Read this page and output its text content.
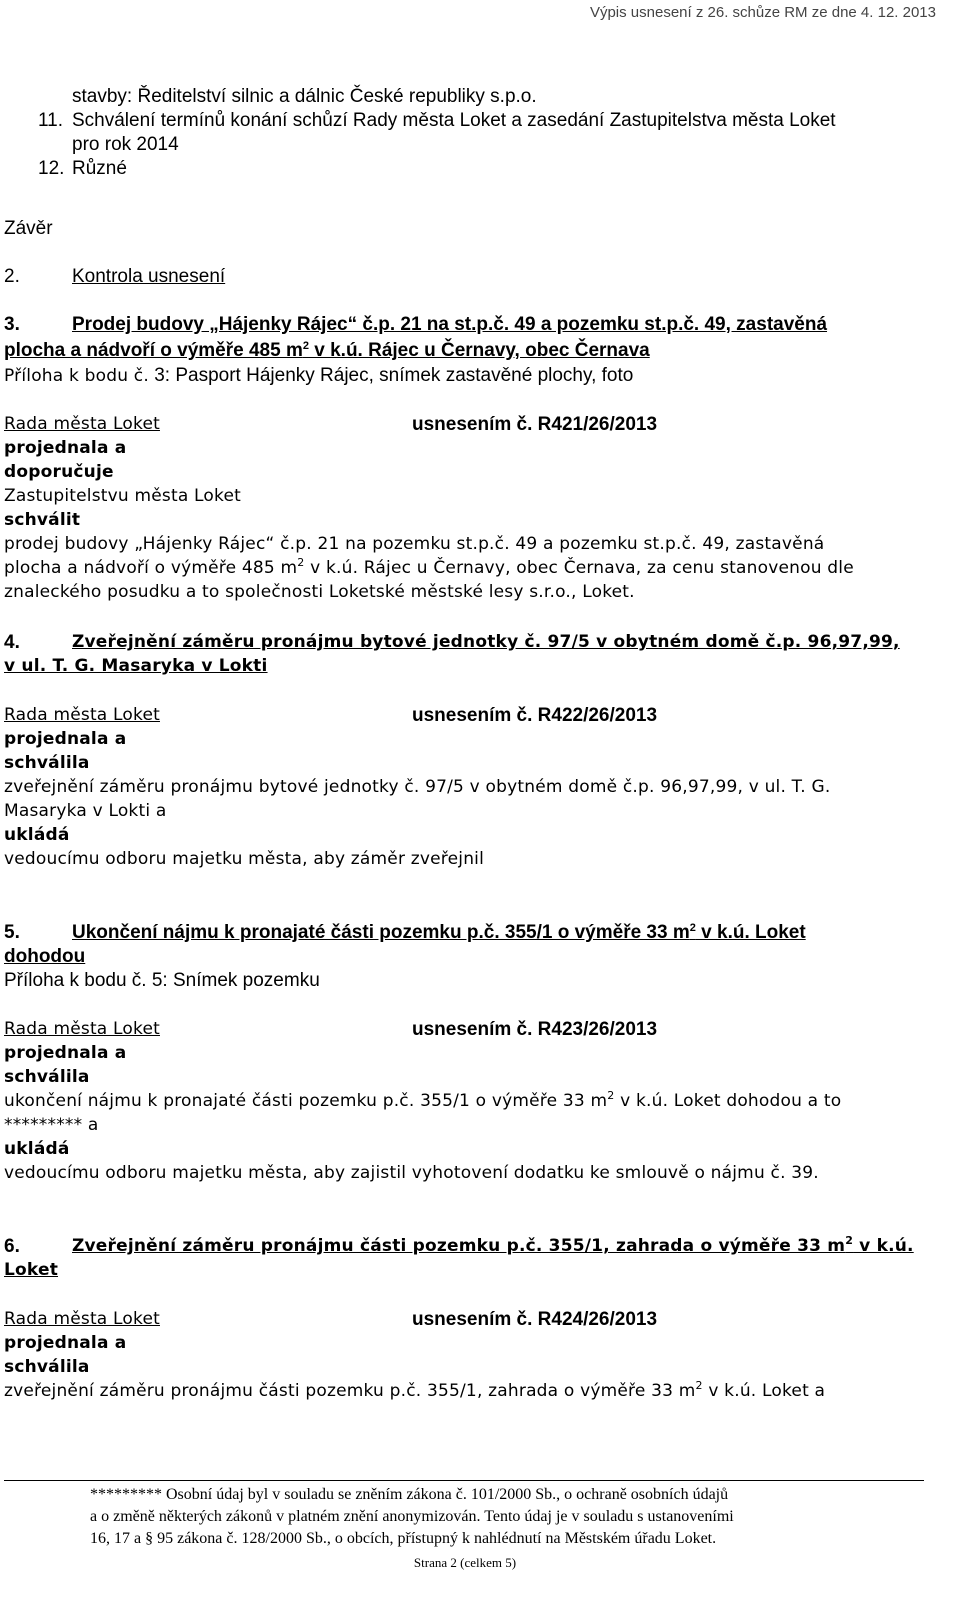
Výpis usnesení z 26. schůze RM ze dne 4. 12. 2013
stavby: Ředitelství silnic a dálnic České republiky s.p.o.
11. Schválení termínů konání schůzí Rady města Loket a zasedání Zastupitelstva města Loket
pro rok 2014
12. Různé
Závěr
2.	Kontrola usnesení
3.	Prodej budovy „Hájenky Rájec“ č.p. 21 na st.p.č. 49 a pozemku st.p.č. 49, zastavěná
plocha a nádvoří o výměře 485 $m^2$ v k.ú. Rájec u Černavy, obec Černava
Příloha k bodu č. 3: Pasport Hájenky Rájec, snímek zastavěné plochy, foto
Rada města Loket	usnesením č. R421/26/2013
projednala a
doporučuje
Zastupitelstvu města Loket
schválit
prodej budovy „Hájenky Rájec“ č.p. 21 na pozemku st.p.č. 49 a pozemku st.p.č. 49, zastavěná
plocha a nádvoří o výměře 485 $m^2$ v k.ú. Rájec u Černavy, obec Černava, za cenu stanovenou dle
znaleckého posudku a to společnosti Loketské městské lesy s.r.o., Loket.
4.	Zveřejnění záměru pronájmu bytové jednotky č. 97/5 v obytném domě č.p. 96,97,99,
v ul. T. G. Masaryka v Lokti
Rada města Loket	usnesením č. R422/26/2013
projednala a
schválila
zveřejnění záměru pronájmu bytové jednotky č. 97/5 v obytném domě č.p. 96,97,99, v ul. T. G.
Masaryka v Lokti a
ukládá
vedoucímu odboru majetku města, aby záměr zveřejnil
5.	Ukončení nájmu k pronajaté části pozemku p.č. 355/1 o výměře 33 $m^2$ v k.ú. Loket
dohodou
Příloha k bodu č. 5: Snímek pozemku
Rada města Loket	usnesením č. R423/26/2013
projednala a
schválila
ukončení nájmu k pronajaté části pozemku p.č. 355/1 o výměře 33 $m^2$ v k.ú. Loket dohodou a to
********* a
ukládá
vedoucímu odboru majetku města, aby zajistil vyhotovení dodatku ke smlouvě o nájmu č. 39.
6.	Zveřejnění záměru pronájmu části pozemku p.č. 355/1, zahrada o výměře 33 $m^2$ v k.ú.
Loket
Rada města Loket	usnesením č. R424/26/2013
projednala a
schválila
zveřejnění záměru pronájmu části pozemku p.č. 355/1, zahrada o výměře 33 $m^2$ v k.ú. Loket a
********* Osobní údaj byl v souladu se zněním zákona č. 101/2000 Sb., o ochraně osobních údajů
a o změně některých zákonů v platném znění anonymizován. Tento údaj je v souladu s ustanoveními
16, 17 a § 95 zákona č. 128/2000 Sb., o obcích, přístupný k nahlédnutí na Městském úřadu Loket.
Strana 2 (celkem 5)
